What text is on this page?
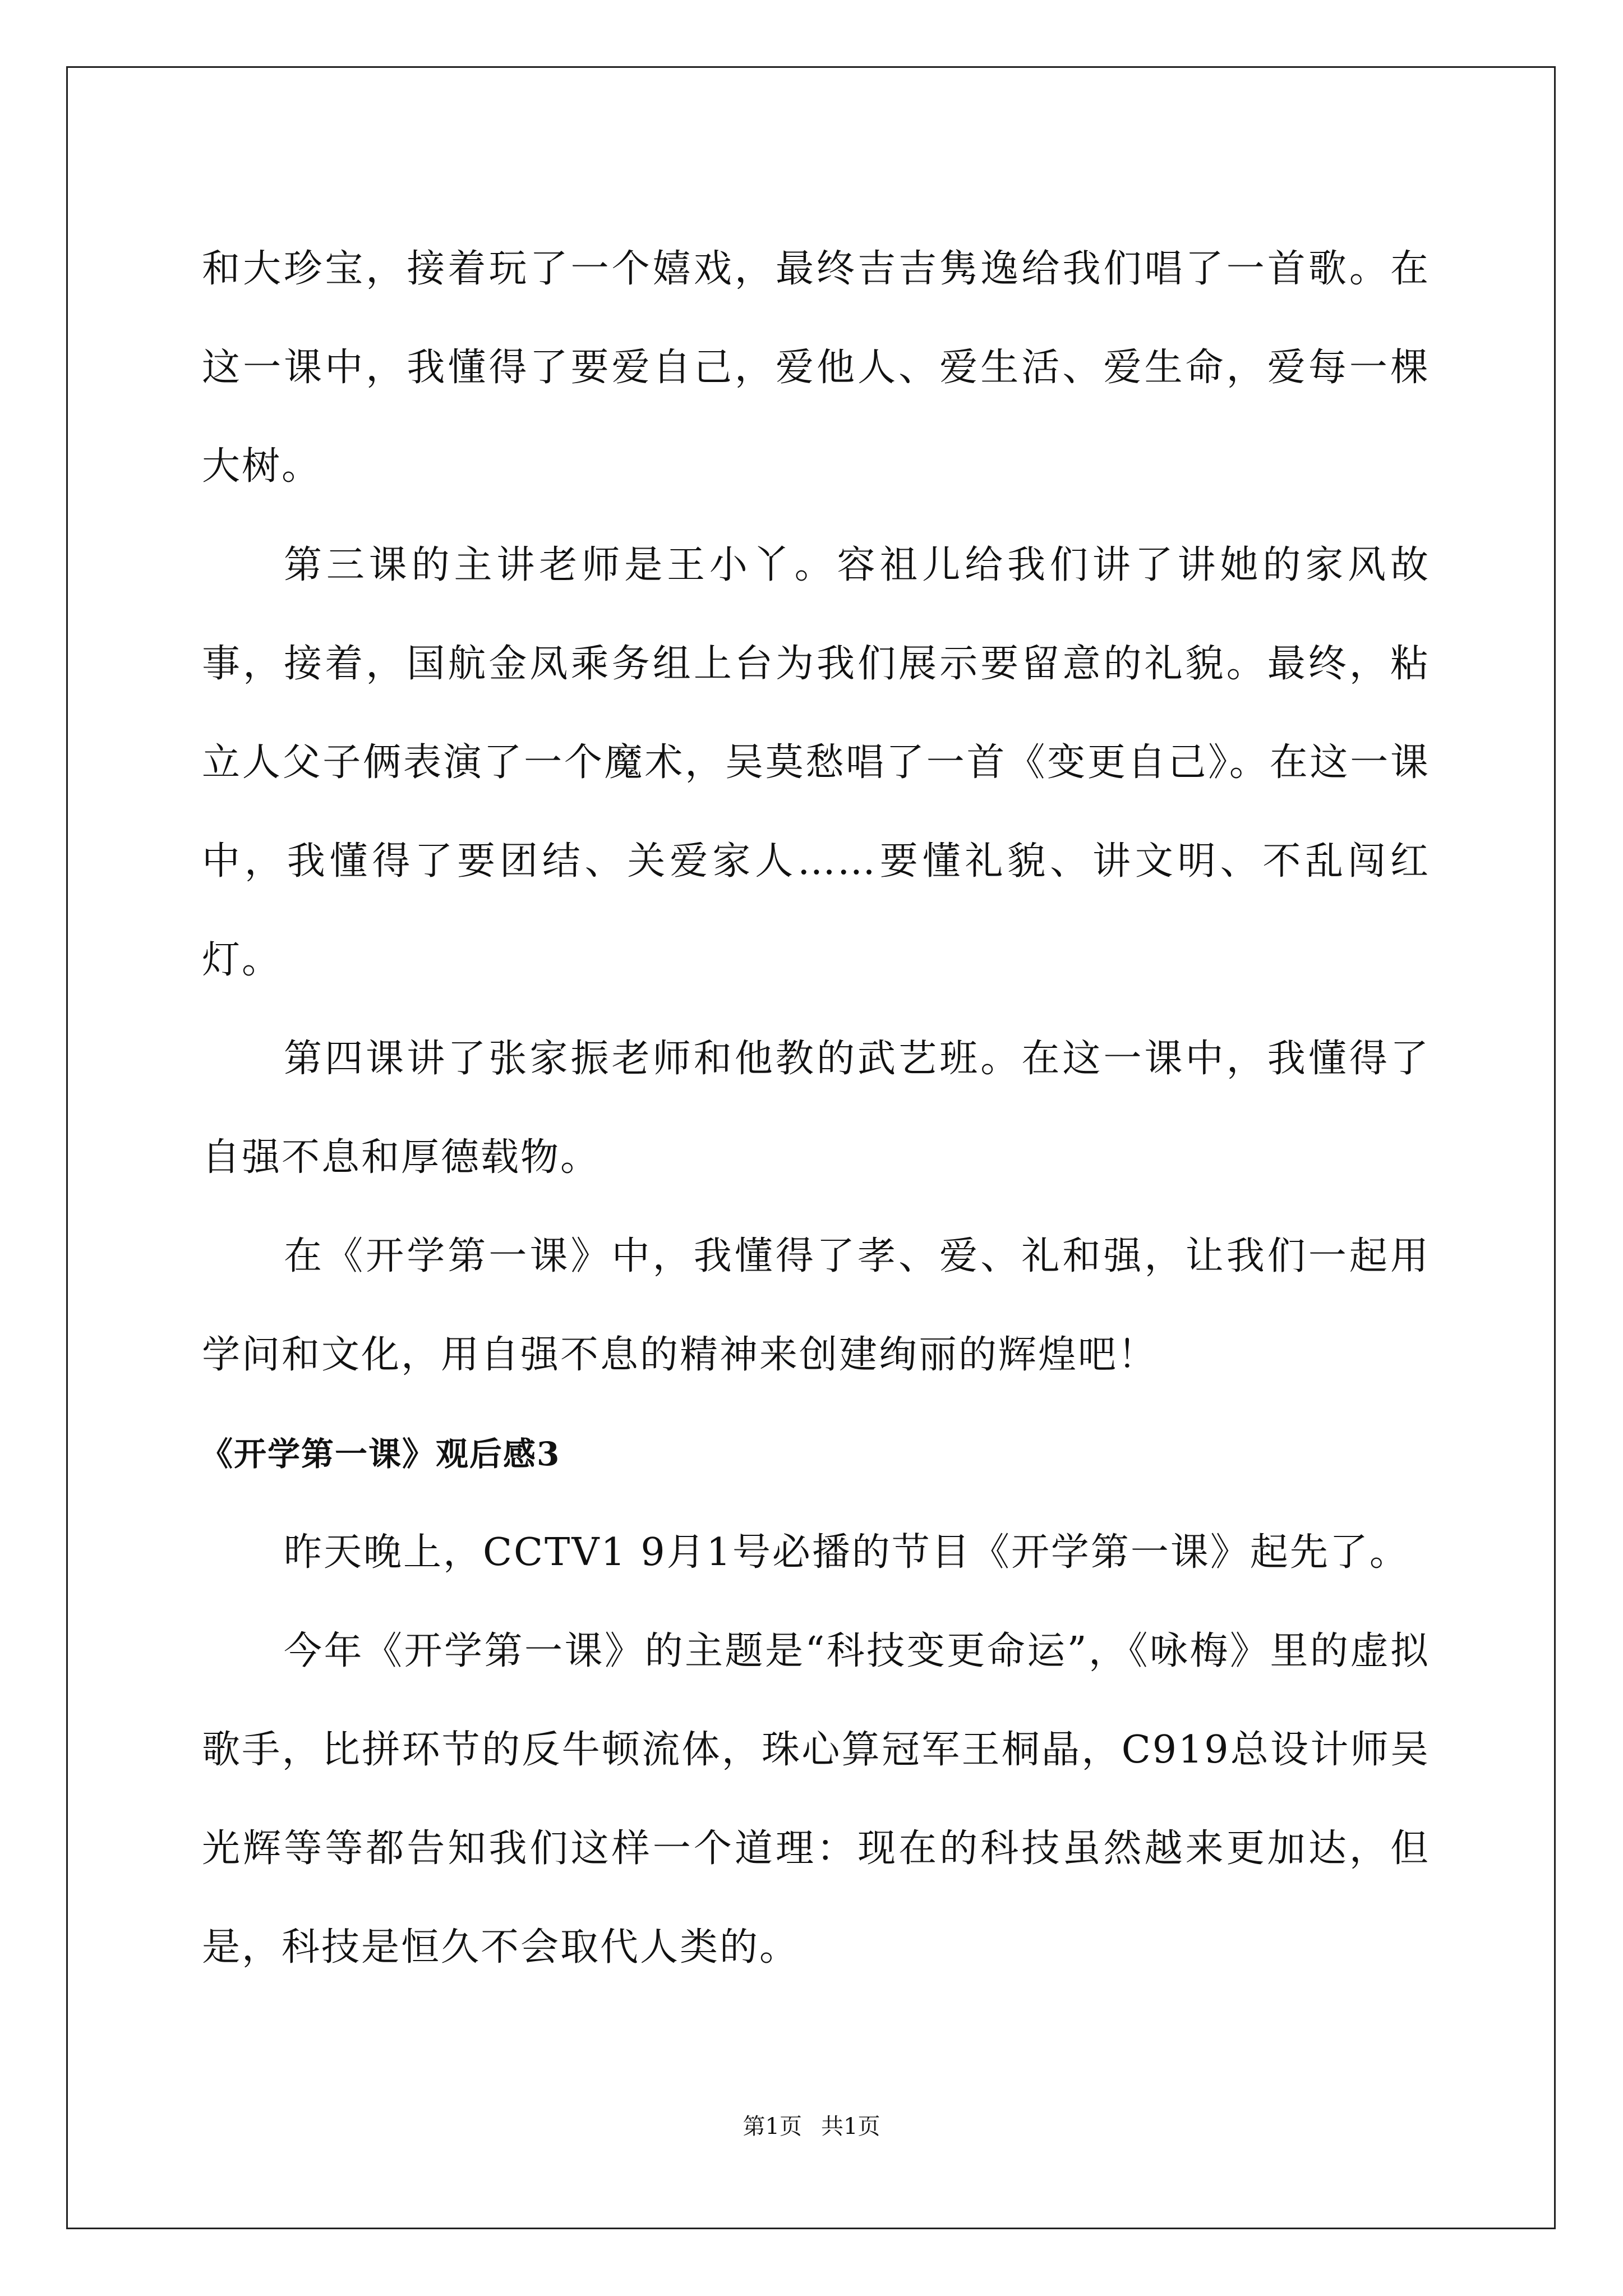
和大珍宝，接着玩了一个嬉戏，最终吉吉隽逸给我们唱了一首歌。在这一课中，我懂得了要爱自己，爱他人、爱生活、爱生命，爱每一棵大树。

第三课的主讲老师是王小丫。容祖儿给我们讲了讲她的家风故事，接着，国航金凤乘务组上台为我们展示要留意的礼貌。最终，粘立人父子俩表演了一个魔术，吴莫愁唱了一首《变更自己》。在这一课中，我懂得了要团结、关爱家人……要懂礼貌、讲文明、不乱闯红灯。

第四课讲了张家振老师和他教的武艺班。在这一课中，我懂得了自强不息和厚德载物。

在《开学第一课》中，我懂得了孝、爱、礼和强，让我们一起用学问和文化，用自强不息的精神来创建绚丽的辉煌吧！

《开学第一课》观后感3

昨天晚上，CCTV1 9月1号必播的节目《开学第一课》起先了。

今年《开学第一课》的主题是“科技变更命运”，《咏梅》里的虚拟歌手，比拼环节的反牛顿流体，珠心算冠军王桐晶，C919总设计师吴光辉等等都告知我们这样一个道理：现在的科技虽然越来更加达，但是，科技是恒久不会取代人类的。

第1页 共1页
